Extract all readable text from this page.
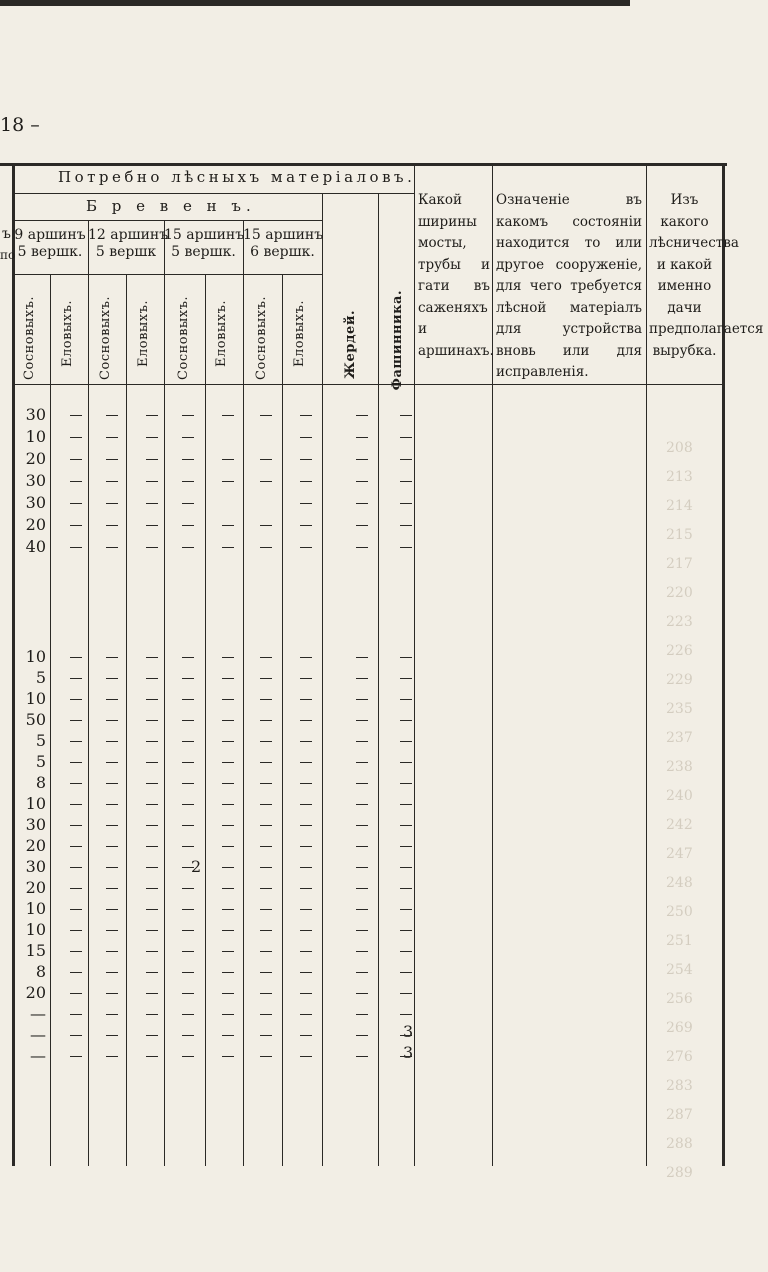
18 –
Потребно лѣсныхъ матеріаловъ.
Б р е в е н ъ.
ъ
по
9 аршинъ
5 вершк.
12 аршинъ
5 вершк
15 аршинъ
5 вершк.
15 аршинъ
6 вершк.
Сосновыхъ. Еловыхъ. Сосновыхъ. Еловыхъ. Сосновыхъ. Еловыхъ. Сосновыхъ. Еловыхъ.	Жердей. Фашинника.
Какой ширины мосты, трубы и гати въ саженяхъ и аршинахъ.
Означеніе въ какомъ состояніи находится то или другое сооруженіе, для чего требуется лѣсной матеріалъ для устройства вновь или для исправленія.
Изъ какого лѣсничества и какой именно дачи предполагается вырубка.
208
213
214
215
217
220
223
226
229
235
237
238
240
242
247
248
250
251
254
256
269
276
283
287
288
289
30
10
20
30
30
20
40
10
5
10
50
5
5
8
10
30
20
30	2
20
10
10
15
8
20
—
3
—
3
—
